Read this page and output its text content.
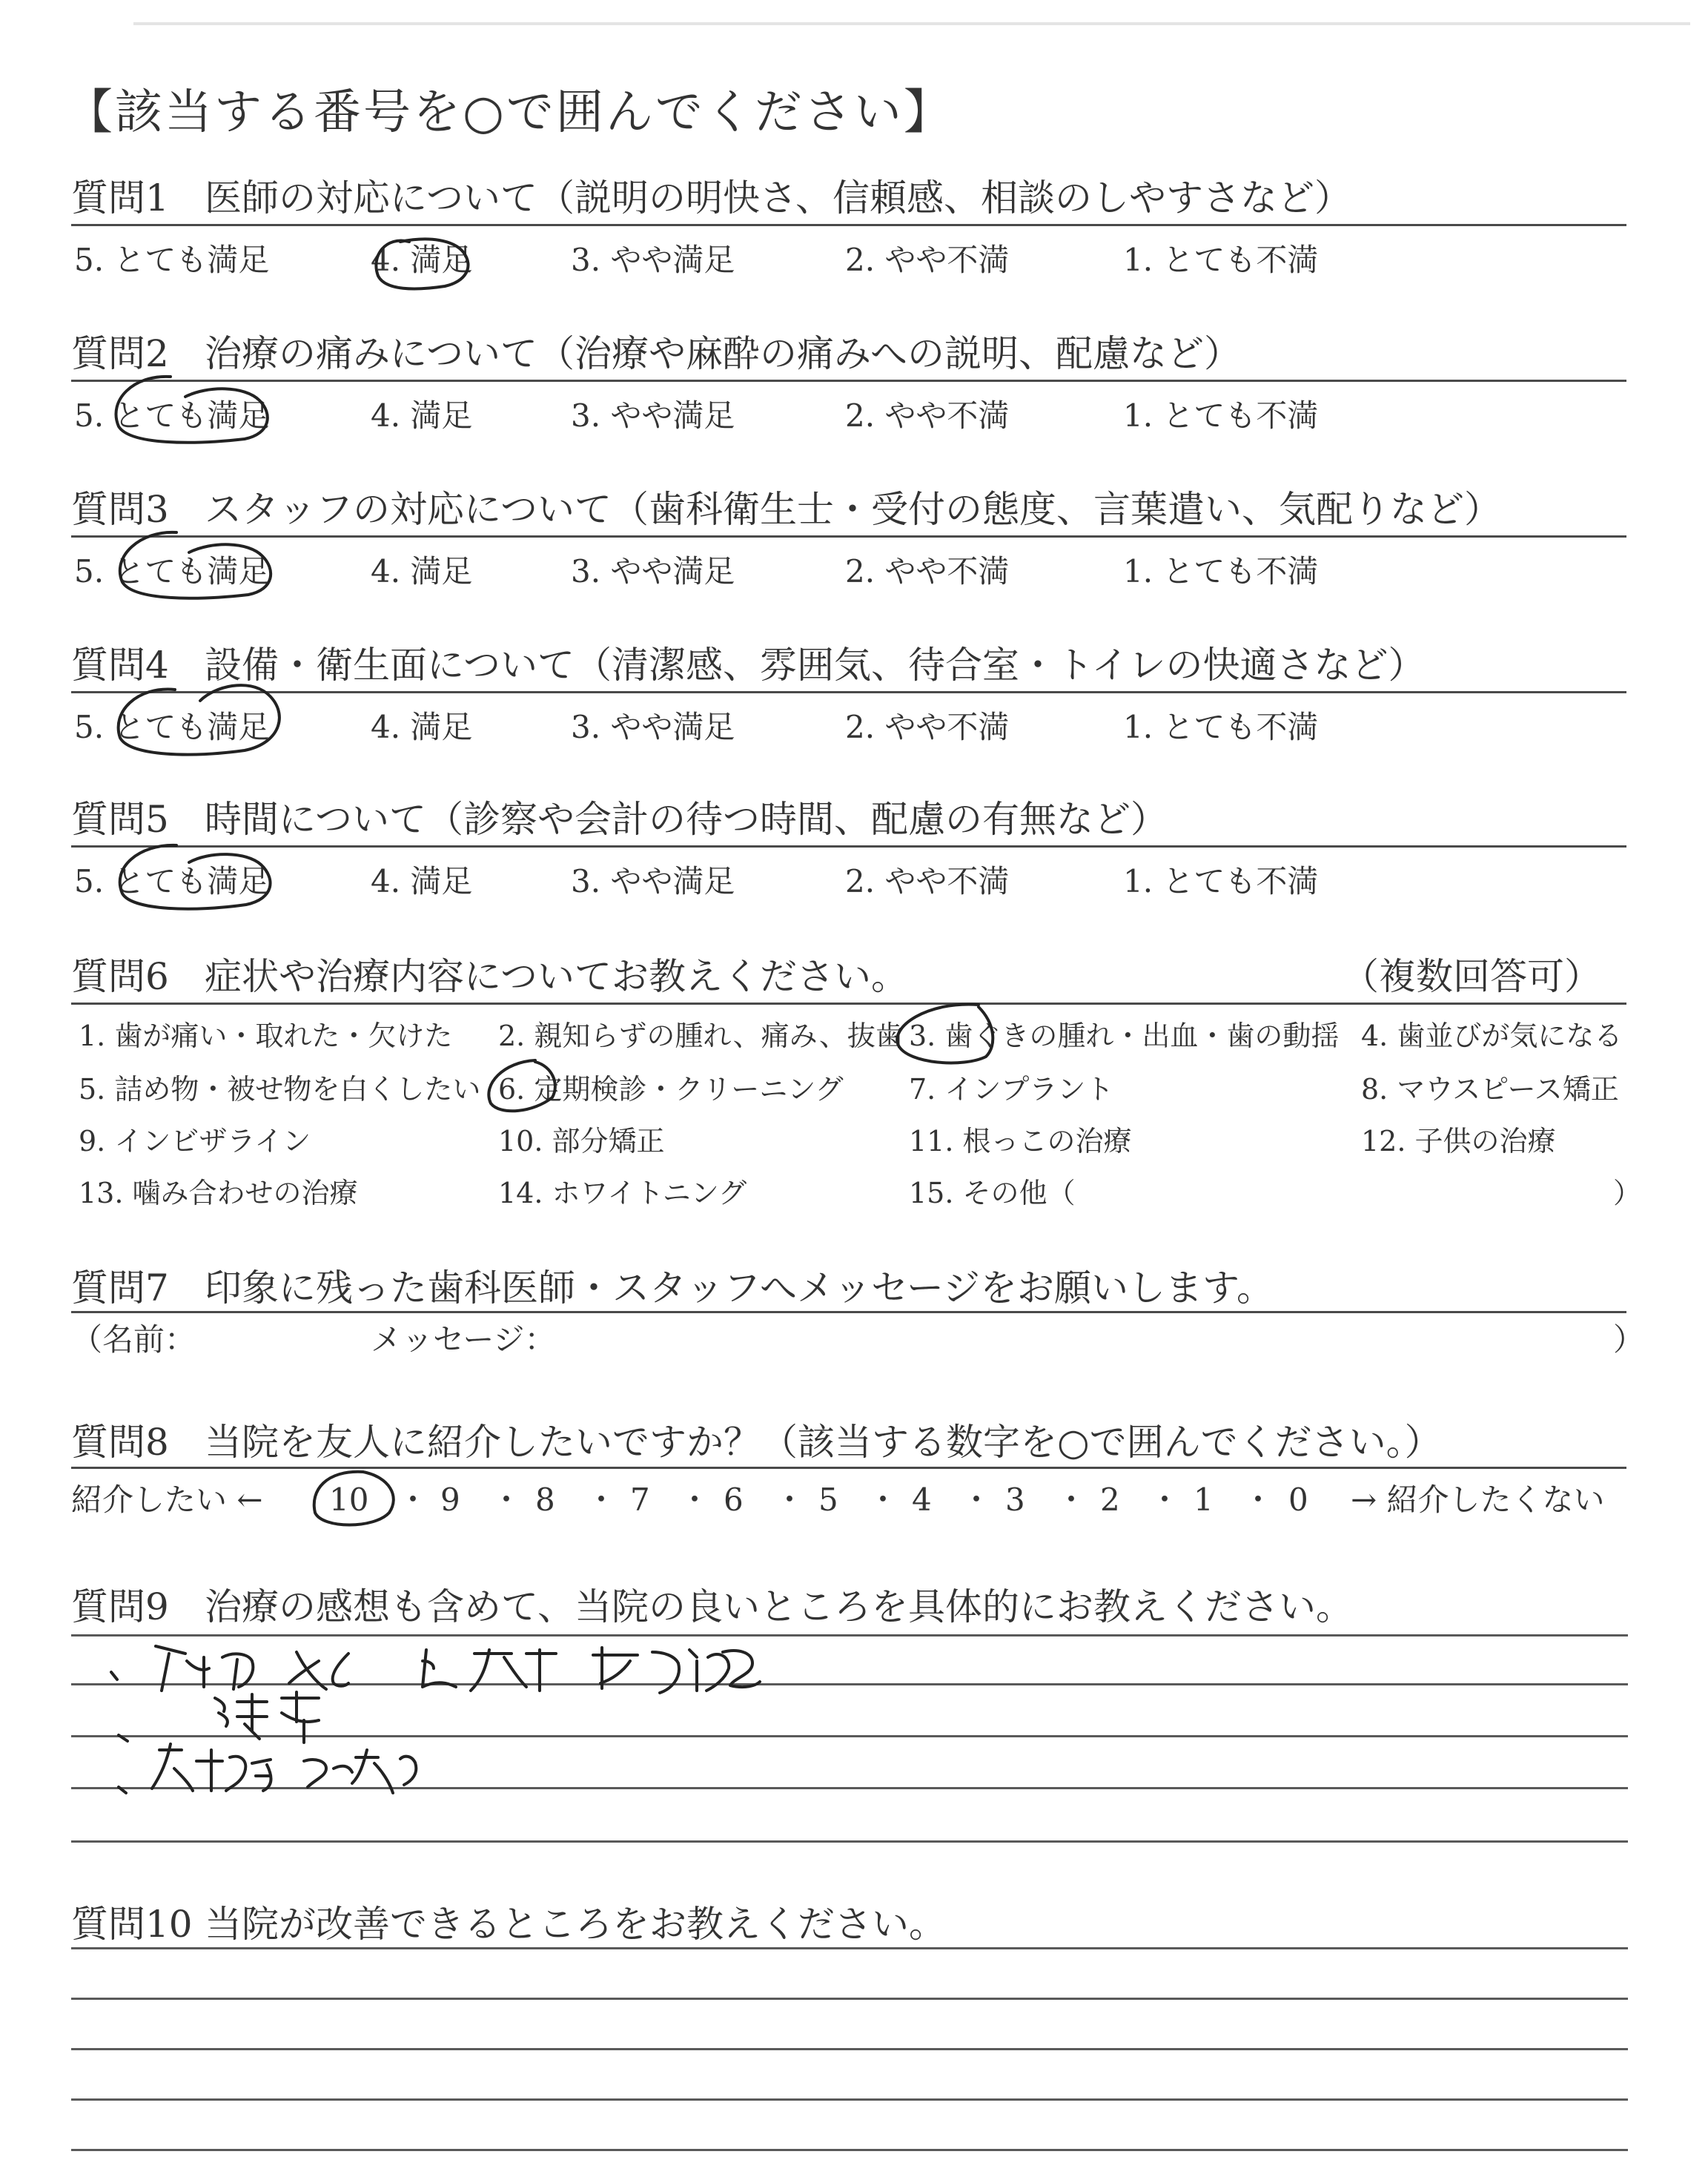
【該当する番号を○で囲んでください】
質問1 医師の対応について（説明の明快さ、信頼感、相談のしやすさなど）
5. とても満足	4. 満足	3. やや満足	2. やや不満	1. とても不満
質問2 治療の痛みについて（治療や麻酔の痛みへの説明、配慮など）
5. とても満足	4. 満足	3. やや満足	2. やや不満	1. とても不満
質問3 スタッフの対応について（歯科衛生士・受付の態度、言葉遣い、気配りなど）
5. とても満足	4. 満足	3. やや満足	2. やや不満	1. とても不満
質問4 設備・衛生面について（清潔感、雰囲気、待合室・トイレの快適さなど）
5. とても満足	4. 満足	3. やや満足	2. やや不満	1. とても不満
質問5 時間について（診察や会計の待つ時間、配慮の有無など）
5. とても満足	4. 満足	3. やや満足	2. やや不満	1. とても不満
質問6 症状や治療内容についてお教えください。	（複数回答可）
1. 歯が痛い・取れた・欠けた 2. 親知らずの腫れ、痛み、抜歯 3. 歯ぐきの腫れ・出血・歯の動揺 4. 歯並びが気になる
5. 詰め物・被せ物を白くしたい 6. 定期検診・クリーニング 7. インプラント	8. マウスピース矯正
9. インビザライン	10. 部分矯正	11. 根っこの治療	12. 子供の治療
13. 噛み合わせの治療	14. ホワイトニング	15. その他（	）
質問7 印象に残った歯科医師・スタッフへメッセージをお願いします。
（名前：	メッセージ：	）
質問8 当院を友人に紹介したいですか？（該当する数字を○で囲んでください。）
紹介したい ←	→ 紹介したくない
10 ・ 9 ・ 8 ・ 7 ・ 6 ・ 5 ・ 4 ・ 3 ・ 2 ・ 1 ・ 0
質問9 治療の感想も含めて、当院の良いところを具体的にお教えください。
質問10 当院が改善できるところをお教えください。
